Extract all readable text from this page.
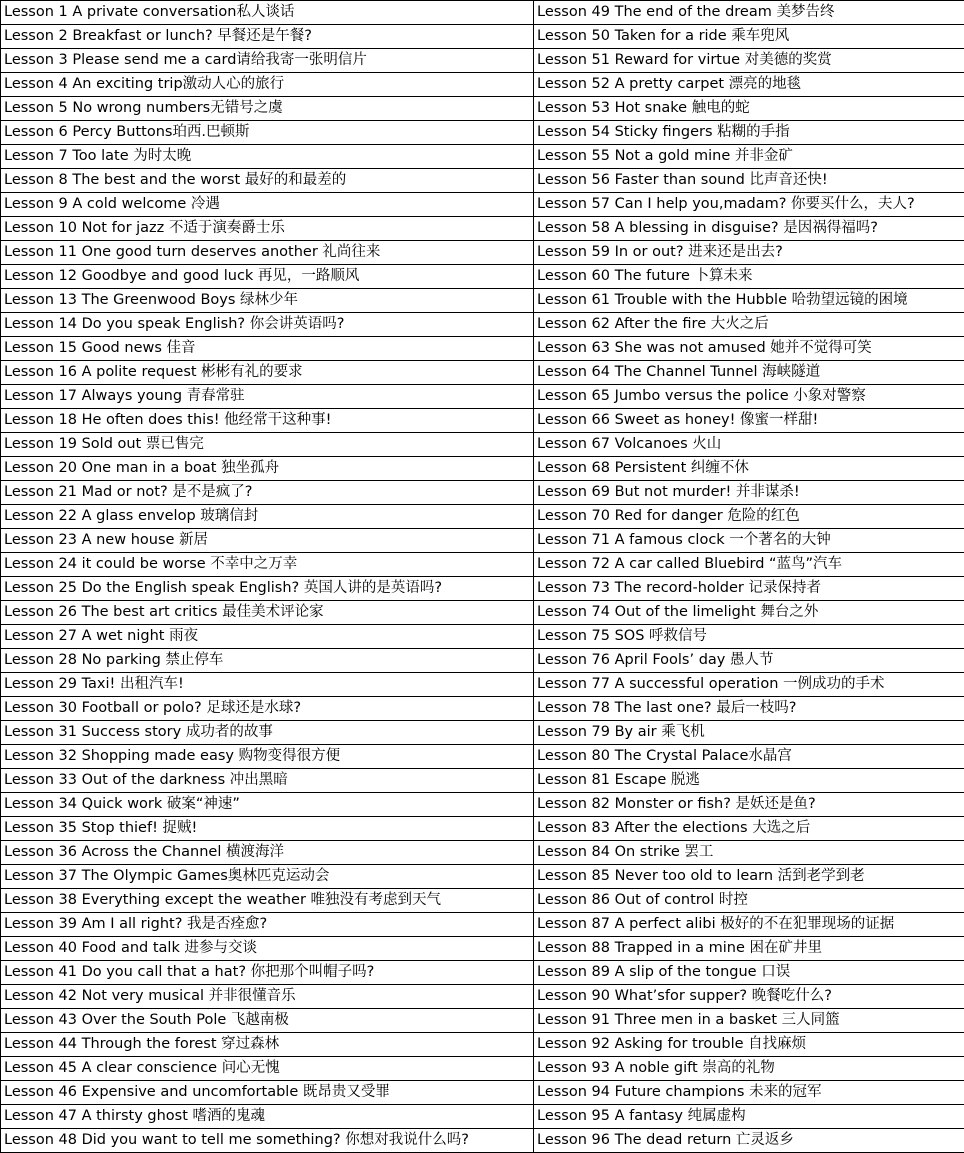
Lesson 1 A private conversation私人谈话	Lesson 49 The end of the dream 美梦告终
Lesson 2 Breakfast or lunch? 早餐还是午餐?	Lesson 50 Taken for a ride 乘车兜风
Lesson 3 Please send me a card请给我寄一张明信片	Lesson 51 Reward for virtue 对美德的奖赏
Lesson 4 An exciting trip激动人心的旅行	Lesson 52 A pretty carpet 漂亮的地毯
Lesson 5 No wrong numbers无错号之虞	Lesson 53 Hot snake 触电的蛇
Lesson 6 Percy Buttons珀西.巴顿斯	Lesson 54 Sticky fingers 粘糊的手指
Lesson 7 Too late 为时太晚	Lesson 55 Not a gold mine 并非金矿
Lesson 8 The best and the worst 最好的和最差的	Lesson 56 Faster than sound 比声音还快!
Lesson 9 A cold welcome 冷遇	Lesson 57 Can I help you,madam? 你要买什么，夫人?
Lesson 10 Not for jazz 不适于演奏爵士乐	Lesson 58 A blessing in disguise? 是因祸得福吗?
Lesson 11 One good turn deserves another 礼尚往来	Lesson 59 In or out? 进来还是出去?
Lesson 12 Goodbye and good luck 再见，一路顺风	Lesson 60 The future 卜算未来
Lesson 13 The Greenwood Boys 绿林少年	Lesson 61 Trouble with the Hubble 哈勃望远镜的困境
Lesson 14 Do you speak English? 你会讲英语吗?	Lesson 62 After the fire 大火之后
Lesson 15 Good news 佳音	Lesson 63 She was not amused 她并不觉得可笑
Lesson 16 A polite request 彬彬有礼的要求	Lesson 64 The Channel Tunnel 海峡隧道
Lesson 17 Always young 青春常驻	Lesson 65 Jumbo versus the police 小象对警察
Lesson 18 He often does this! 他经常干这种事!	Lesson 66 Sweet as honey! 像蜜一样甜!
Lesson 19 Sold out 票已售完	Lesson 67 Volcanoes 火山
Lesson 20 One man in a boat 独坐孤舟	Lesson 68 Persistent 纠缠不休
Lesson 21 Mad or not? 是不是疯了?	Lesson 69 But not murder! 并非谋杀!
Lesson 22 A glass envelop 玻璃信封	Lesson 70 Red for danger 危险的红色
Lesson 23 A new house 新居	Lesson 71 A famous clock 一个著名的大钟
Lesson 24 it could be worse 不幸中之万幸	Lesson 72 A car called Bluebird “蓝鸟”汽车
Lesson 25 Do the English speak English? 英国人讲的是英语吗?	Lesson 73 The record-holder 记录保持者
Lesson 26 The best art critics 最佳美术评论家	Lesson 74 Out of the limelight 舞台之外
Lesson 27 A wet night 雨夜	Lesson 75 SOS 呼救信号
Lesson 28 No parking 禁止停车	Lesson 76 April Fools’ day 愚人节
Lesson 29 Taxi! 出租汽车!	Lesson 77 A successful operation 一例成功的手术
Lesson 30 Football or polo? 足球还是水球?	Lesson 78 The last one? 最后一枝吗?
Lesson 31 Success story 成功者的故事	Lesson 79 By air 乘飞机
Lesson 32 Shopping made easy 购物变得很方便	Lesson 80 The Crystal Palace水晶宫
Lesson 33 Out of the darkness 冲出黑暗	Lesson 81 Escape 脱逃
Lesson 34 Quick work 破案“神速”	Lesson 82 Monster or fish? 是妖还是鱼?
Lesson 35 Stop thief! 捉贼!	Lesson 83 After the elections 大选之后
Lesson 36 Across the Channel 横渡海洋	Lesson 84 On strike 罢工
Lesson 37 The Olympic Games奥林匹克运动会	Lesson 85 Never too old to learn 活到老学到老
Lesson 38 Everything except the weather 唯独没有考虑到天气	Lesson 86 Out of control 时控
Lesson 39 Am I all right? 我是否痊愈?	Lesson 87 A perfect alibi 极好的不在犯罪现场的证据
Lesson 40 Food and talk 进参与交谈	Lesson 88 Trapped in a mine 困在矿井里
Lesson 41 Do you call that a hat? 你把那个叫帽子吗?	Lesson 89 A slip of the tongue 口误
Lesson 42 Not very musical 并非很懂音乐	Lesson 90 What’sfor supper? 晚餐吃什么?
Lesson 43 Over the South Pole 飞越南极	Lesson 91 Three men in a basket 三人同篮
Lesson 44 Through the forest 穿过森林	Lesson 92 Asking for trouble 自找麻烦
Lesson 45 A clear conscience 问心无愧	Lesson 93 A noble gift 崇高的礼物
Lesson 46 Expensive and uncomfortable 既昂贵又受罪	Lesson 94 Future champions 未来的冠军
Lesson 47 A thirsty ghost 嗜酒的鬼魂	Lesson 95 A fantasy 纯属虚构
Lesson 48 Did you want to tell me something? 你想对我说什么吗?	Lesson 96 The dead return 亡灵返乡
